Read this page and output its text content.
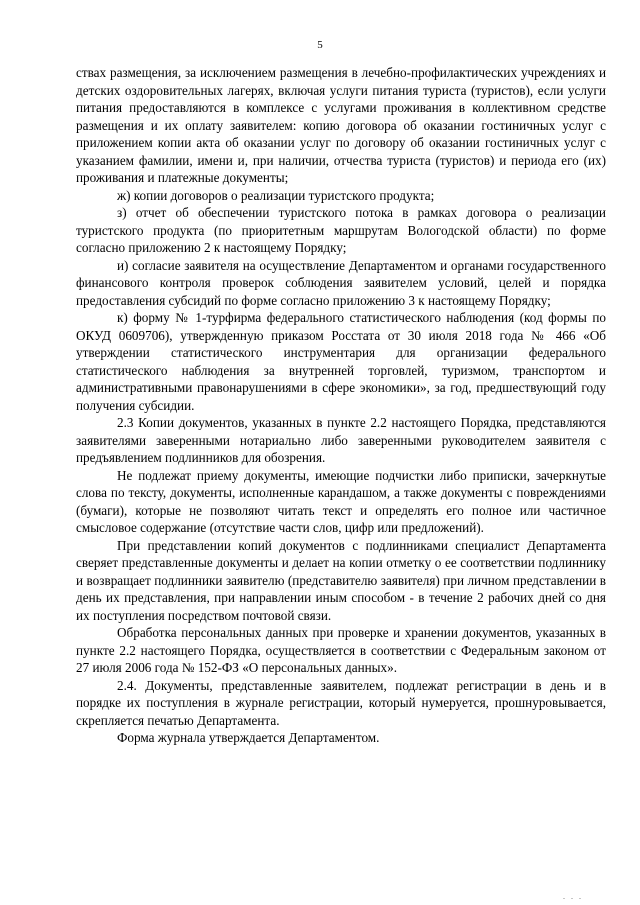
5

ствах размещения, за исключением размещения в лечебно-профилактических учреждениях и детских оздоровительных лагерях, включая услуги питания туриста (туристов), если услуги питания предоставляются в комплексе с услугами проживания в коллективном средстве размещения и их оплату заявителем: копию договора об оказании гостиничных услуг с приложением копии акта об оказании услуг по договору об оказании гостиничных услуг с указанием фамилии, имени и, при наличии, отчества туриста (туристов) и периода его (их) проживания и платежные документы;

ж) копии договоров о реализации туристского продукта;

з) отчет об обеспечении туристского потока в рамках договора о реализации туристского продукта (по приоритетным маршрутам Вологодской области) по форме согласно приложению 2 к настоящему Порядку;

и) согласие заявителя на осуществление Департаментом и органами государственного финансового контроля проверок соблюдения заявителем условий, целей и порядка предоставления субсидий по форме согласно приложению 3 к настоящему Порядку;

к) форму № 1-турфирма федерального статистического наблюдения (код формы по ОКУД 0609706), утвержденную приказом Росстата от 30 июля 2018 года № 466 «Об утверждении статистического инструментария для организации федерального статистического наблюдения за внутренней торговлей, туризмом, транспортом и административными правонарушениями в сфере экономики», за год, предшествующий году получения субсидии.

2.3 Копии документов, указанных в пункте 2.2 настоящего Порядка, представляются заявителями заверенными нотариально либо заверенными руководителем заявителя с предъявлением подлинников для обозрения.

Не подлежат приему документы, имеющие подчистки либо приписки, зачеркнутые слова по тексту, документы, исполненные карандашом, а также документы с повреждениями (бумаги), которые не позволяют читать текст и определять его полное или частичное смысловое содержание (отсутствие части слов, цифр или предложений).

При представлении копий документов с подлинниками специалист Департамента сверяет представленные документы и делает на копии отметку о ее соответствии подлиннику и возвращает подлинники заявителю (представителю заявителя) при личном представлении в день их представления, при направлении иным способом - в течение 2 рабочих дней со дня их поступления посредством почтовой связи.

Обработка персональных данных при проверке и хранении документов, указанных в пункте 2.2 настоящего Порядка, осуществляется в соответствии с Федеральным законом от 27 июля 2006 года № 152-ФЗ «О персональных данных».

2.4. Документы, представленные заявителем, подлежат регистрации в день и в порядке их поступления в журнале регистрации, который нумеруется, прошнуровывается, скрепляется печатью Департамента.

Форма журнала утверждается Департаментом.

. . .
